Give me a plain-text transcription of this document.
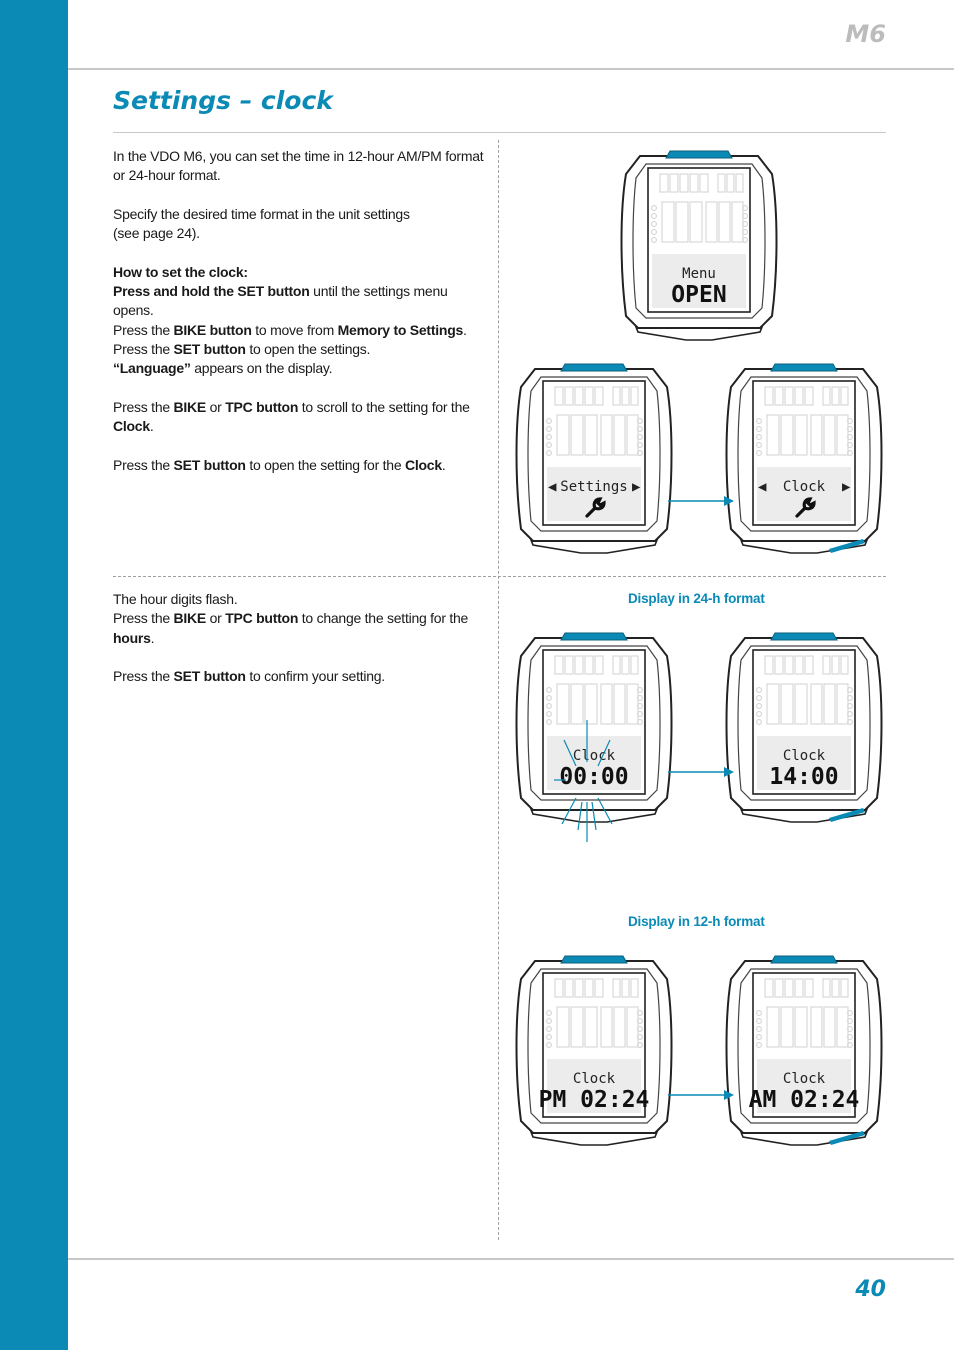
M6
40
Settings – clock

In the VDO M6, you can set the time in 12-hour AM/PM format or 24-hour format.

Specify the desired time format in the unit settings
(see page 24).

How to set the clock:

Press and hold the SET button until the settings menu opens.

Press the BIKE button to move from Memory to Settings.

Press the SET button to open the settings.

“Language” appears on the display.

Press the BIKE or TPC button to scroll to the setting for the Clock.

Press the SET button to open the setting for the Clock.

The hour digits flash.

Press the BIKE or TPC button to change the setting for the hours.

Press the SET button to confirm your setting.

Display in 24-h format
Display in 12-h format
Menu
OPEN
Settings
◀	▶	Clock
◀	▶
Clock
00:00
Clock
14:00
Clock
PM 02:24
Clock
AM 02:24
